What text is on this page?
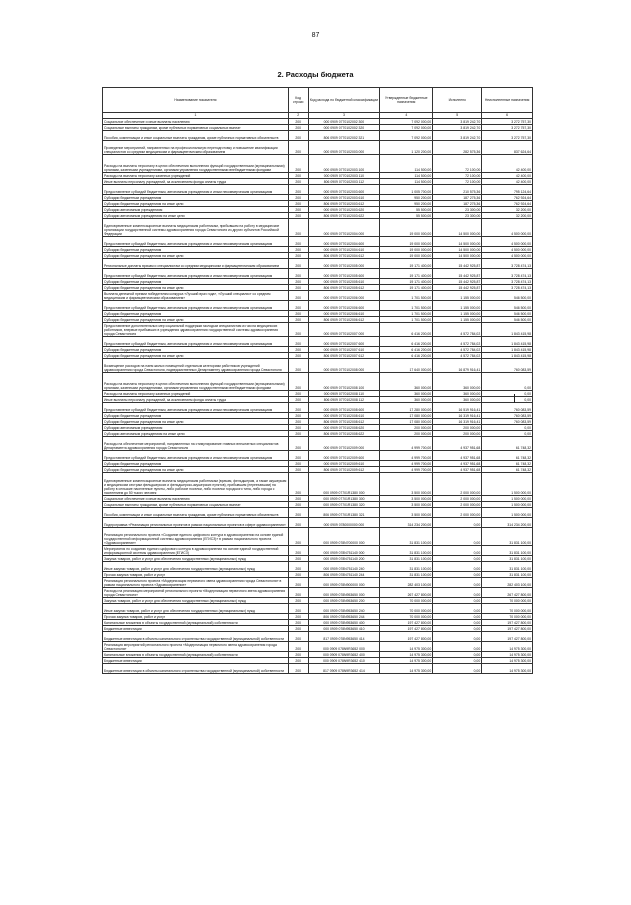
87
2. Расходы бюджета
Наименование показателя	Код строки	Код расхода по бюджетной классификации	Утвержденные бюджетные назначения	Исполнено	Неисполненные назначения
1	2	3	4	5	6
Социальное обеспечение и иные выплаты населению	200	000 0909 0770102002 300	7 092 000,00	3 819 242,70	3 272 757,30
Социальные выплаты гражданам, кроме публичных нормативных социальных выплат	200	000 0909 0770102002 320	7 092 000,00	3 819 242,70	3 272 757,30
Пособия, компенсации и иные социальные выплаты гражданам, кроме публичных нормативных обязательств	200	806 0909 0770102002 321	7 092 000,00	3 819 242,70	3 272 757,30
Проведение мероприятий, направленных на профессиональную переподготовку и повышение квалификации специалистов со средним медицинским и фармацевтическим образованием	200	000 0909 0770102003 000	1 120 200,00	282 575,36	837 624,64
Расходы на выплаты персоналу в целях обеспечения выполнения функций государственными (муниципальными) органами, казенными учреждениями, органами управления государственными внебюджетными фондами	200	000 0909 0770102003 100	114 500,00	72 100,00	42 400,00
Расходы на выплаты персоналу казенных учреждений	200	000 0909 0770102003 110	114 500,00	72 100,00	42 400,00
Иные выплаты персоналу учреждений, за исключением фонда оплаты труда	200	806 0909 0770102003 112	114 500,00	72 100,00	42 400,00
Предоставление субсидий бюджетным, автономным учреждениям и иным некоммерческим организациям	200	000 0909 0770102003 600	1 005 700,00	210 575,36	795 124,64
Субсидии бюджетным учреждениям	200	000 0909 0770102003 610	950 200,00	187 275,36	762 924,64
Субсидии бюджетным учреждениям на иные цели	200	806 0909 0770102003 612	950 200,00	187 275,36	762 924,64
Субсидии автономным учреждениям	200	000 0909 0770102003 620	55 500,00	23 300,00	32 200,00
Субсидии автономным учреждениям на иные цели	200	806 0909 0770102003 622	55 500,00	23 300,00	32 200,00
Единовременные компенсационные выплаты медицинским работникам, прибывшим на работу в медицинские организации государственной системы здравоохранения города Севастополя из других субъектов Российской Федерации	200	000 0909 0770102004 000	19 000 000,00	14 500 000,00	4 500 000,00
Предоставление субсидий бюджетным, автономным учреждениям и иным некоммерческим организациям	200	000 0909 0770102004 600	19 000 000,00	14 500 000,00	4 500 000,00
Субсидии бюджетным учреждениям	200	000 0909 0770102004 610	19 000 000,00	14 500 000,00	4 500 000,00
Субсидии бюджетным учреждениям на иные цели	200	806 0909 0770102004 612	19 000 000,00	14 500 000,00	4 500 000,00
Региональные доплаты врачам и специалистам со средним медицинским и фармацевтическим образованием	200	000 0909 0770102005 000	19 171 400,00	15 442 925,87	3 728 474,13
Предоставление субсидий бюджетным, автономным учреждениям и иным некоммерческим организациям	200	000 0909 0770102005 600	19 171 400,00	15 442 925,87	3 728 474,13
Субсидии бюджетным учреждениям	200	000 0909 0770102005 610	19 171 400,00	15 442 925,87	3 728 474,13
Субсидии бюджетным учреждениям на иные цели	200	806 0909 0770102005 612	19 171 400,00	15 442 925,87	3 728 474,13
Выплата денежной премии победителям конкурса «Лучший врач года», «Лучший специалист со средним медицинским и фармацевтическим образованием»	200	000 0909 0770102006 000	1 701 500,00	1 155 000,00	546 500,00
Предоставление субсидий бюджетным, автономным учреждениям и иным некоммерческим организациям	200	000 0909 0770102006 600	1 701 500,00	1 155 000,00	546 500,00
Субсидии бюджетным учреждениям	200	000 0909 0770102006 610	1 701 500,00	1 155 000,00	546 500,00
Субсидии бюджетным учреждениям на иные цели	200	806 0909 0770102006 612	1 701 500,00	1 155 000,00	546 500,00
Предоставление дополнительных мер социальной поддержки молодым специалистам из числа медицинских работников, впервые прибывших в учреждения здравоохранения государственной системы здравоохранения города Севастополя	200	000 0909 0770102007 000	6 416 200,00	4 572 784,02	1 843 415,98
Предоставление субсидий бюджетным, автономным учреждениям и иным некоммерческим организациям	200	000 0909 0770102007 600	6 416 200,00	4 572 784,02	1 843 415,98
Субсидии бюджетным учреждениям	200	000 0909 0770102007 610	6 416 200,00	4 572 784,02	1 843 415,98
Субсидии бюджетным учреждениям на иные цели	200	806 0909 0770102007 612	6 416 200,00	4 572 784,02	1 843 415,98
Возмещение расходов на наем жилых помещений отдельным категориям работников учреждений здравоохранения города Севастополя, подведомственных Департаменту здравоохранения города Севастополя	200	000 0909 0770102008 000	17 640 000,00	16 879 916,41	760 083,59
Расходы на выплаты персоналу в целях обеспечения выполнения функций государственными (муниципальными) органами, казенными учреждениями, органами управления государственными внебюджетными фондами	200	000 0909 0770102008 100	360 000,00	360 000,00	0,00
Расходы на выплаты персоналу казенных учреждений	200	000 0909 0770102008 110	360 000,00	360 000,00	0,00
Иные выплаты персоналу учреждений, за исключением фонда оплаты труда	200	806 0909 0770102008 112	360 000,00	360 000,00	0,00
Предоставление субсидий бюджетным, автономным учреждениям и иным некоммерческим организациям	200	000 0909 0770102008 600	17 280 000,00	16 519 916,41	760 083,59
Субсидии бюджетным учреждениям	200	000 0909 0770102008 610	17 080 000,00	16 319 916,41	760 083,59
Субсидии бюджетным учреждениям на иные цели	200	806 0909 0770102008 612	17 080 000,00	16 319 916,41	760 083,59
Субсидии автономным учреждениям	200	000 0909 0770102008 620	200 000,00	200 000,00	0,00
Субсидии автономным учреждениям на иные цели	200	806 0909 0770102008 622	200 000,00	200 000,00	0,00
Расходы на обеспечение мероприятий, направленных на стимулирование главных внештатных специалистов Департамента здравоохранения города Севастополя	200	000 0909 0770102009 000	4 999 700,00	4 937 951,68	61 748,32
Предоставление субсидий бюджетным, автономным учреждениям и иным некоммерческим организациям	200	000 0909 0770102009 600	4 999 700,00	4 937 951,68	61 748,32
Субсидии бюджетным учреждениям	200	000 0909 0770102009 610	4 999 700,00	4 937 951,68	61 748,32
Субсидии бюджетным учреждениям на иные цели	200	806 0909 0770102009 612	4 999 700,00	4 937 951,68	61 748,32
Единовременные компенсационные выплаты медицинским работникам (врачам, фельдшерам, а также акушеркам и медицинским сестрам фельдшерских и фельдшерско-акушерских пунктов), прибывшим (переехавшим) на работу в сельские населенные пункты, либо рабочие поселки, либо поселки городского типа, либо города с населением до 50 тысяч человек	200	000 0909 07701R1380 000	3 500 000,00	2 000 000,00	1 500 000,00
Социальное обеспечение и иные выплаты населению	200	000 0909 07701R1380 300	3 500 000,00	2 000 000,00	1 500 000,00
Социальные выплаты гражданам, кроме публичных нормативных социальных выплат	200	000 0909 07701R1380 320	3 500 000,00	2 000 000,00	1 500 000,00
Пособия, компенсации и иные социальные выплаты гражданам, кроме публичных нормативных обязательств	200	806 0909 07701R1380 321	3 500 000,00	2 000 000,00	1 500 000,00
Подпрограмма «Реализация региональных проектов в рамках национальных проектов в сфере здравоохранения»	200	000 0909 0780000000 000	314 234 200,00	0,00	314 234 200,00
Реализация регионального проекта «Создание единого цифрового контура в здравоохранении на основе единой государственной информационной системы здравоохранения (ЕГИСЗ)» в рамках национального проекта «Здравоохранение»	200	000 0909 078N700000 000	31 831 100,00	0,00	31 831 100,00
Мероприятия по созданию единого цифрового контура в здравоохранении на основе единой государственной информационной системы здравоохранения (ЕГИСЗ)	200	000 0909 078N751140 000	31 831 100,00	0,00	31 831 100,00
Закупка товаров, работ и услуг для обеспечения государственных (муниципальных) нужд	200	000 0909 078N751140 200	31 831 100,00	0,00	31 831 100,00
Иные закупки товаров, работ и услуг для обеспечения государственных (муниципальных) нужд	200	000 0909 078N751140 240	31 831 100,00	0,00	31 831 100,00
Прочая закупка товаров, работ и услуг	200	806 0909 078N751140 244	31 831 100,00	0,00	31 831 100,00
Реализация регионального проекта «Модернизация первичного звена здравоохранения города Севастополя» в рамках национального проекта «Здравоохранение»	200	000 0909 078N900000 000	282 403 100,00	0,00	282 403 100,00
Расходы на реализацию мероприятий регионального проекта «Модернизация первичного звена здравоохранения города Севастополя»	200	000 0909 078N953650 000	267 427 800,00	0,00	267 427 800,00
Закупка товаров, работ и услуг для обеспечения государственных (муниципальных) нужд	200	000 0909 078N953650 200	70 000 000,00	0,00	70 000 000,00
Иные закупки товаров, работ и услуг для обеспечения государственных (муниципальных) нужд	200	000 0909 078N953650 240	70 000 000,00	0,00	70 000 000,00
Прочая закупка товаров, работ и услуг	200	806 0909 078N953650 244	70 000 000,00	0,00	70 000 000,00
Капитальные вложения в объекты государственной (муниципальной) собственности	200	000 0909 078N953650 400	197 427 800,00	0,00	197 427 800,00
Бюджетные инвестиции	200	000 0909 078N953650 410	197 427 800,00	0,00	197 427 800,00
Бюджетные инвестиции в объекты капитального строительства государственной (муниципальной) собственности	200	817 0909 078N953650 414	197 427 800,00	0,00	197 427 800,00
Реализация мероприятий регионального проекта «Модернизация первичного звена здравоохранения города Севастополя»	200	000 0909 078N9R3652 000	14 975 300,00	0,00	14 975 300,00
Капитальные вложения в объекты государственной (муниципальной) собственности	200	000 0909 078N9R3652 400	14 975 300,00	0,00	14 975 300,00
Бюджетные инвестиции	200	000 0909 078N9R3652 410	14 975 300,00	0,00	14 975 300,00
Бюджетные инвестиции в объекты капитального строительства государственной (муниципальной) собственности	200	817 0909 078N9R3652 414	14 975 300,00	0,00	14 975 300,00
